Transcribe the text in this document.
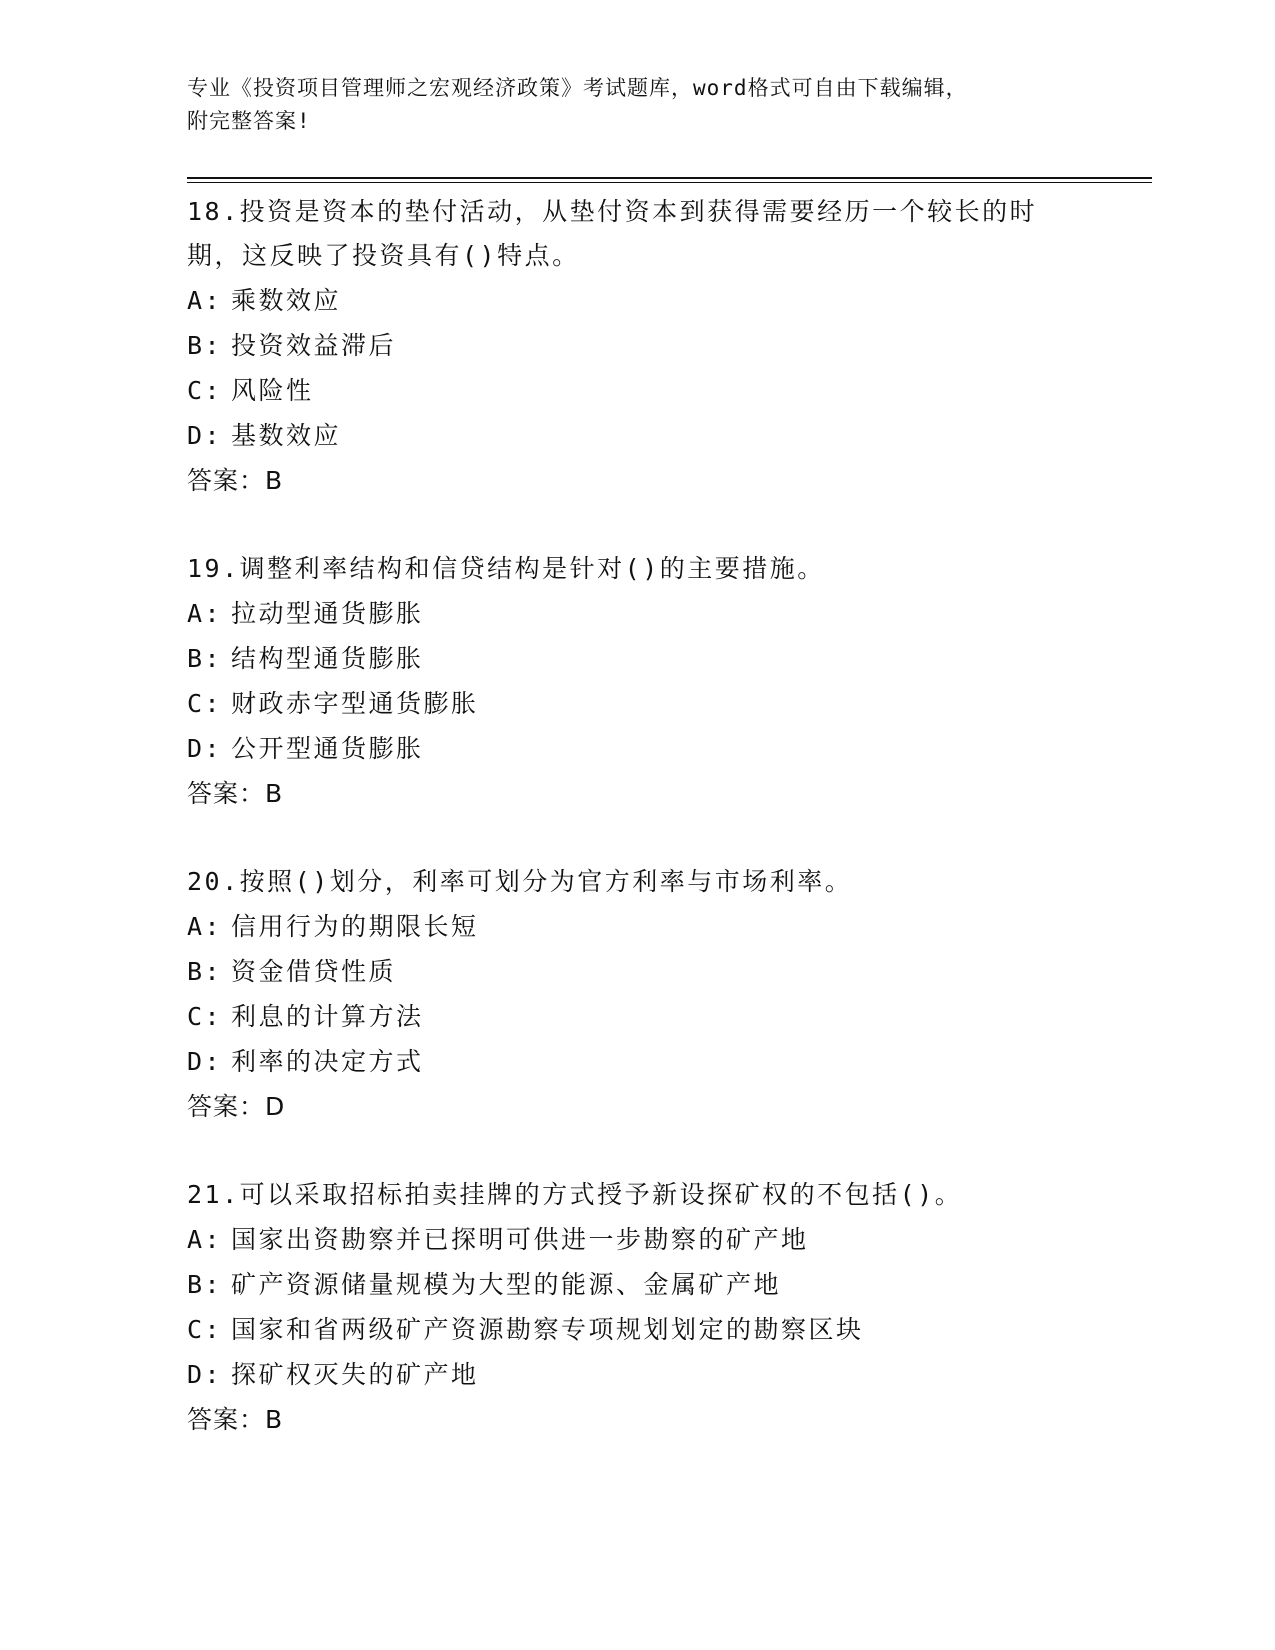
专业《投资项目管理师之宏观经济政策》考试题库，word格式可自由下载编辑，

附完整答案!

18.投资是资本的垫付活动，从垫付资本到获得需要经历一个较长的时期，这反映了投资具有()特点。

A: 乘数效应

B: 投资效益滞后

C: 风险性

D: 基数效应

答案：B

19.调整利率结构和信贷结构是针对()的主要措施。

A: 拉动型通货膨胀

B: 结构型通货膨胀

C: 财政赤字型通货膨胀

D: 公开型通货膨胀

答案：B

20.按照()划分，利率可划分为官方利率与市场利率。

A: 信用行为的期限长短

B: 资金借贷性质

C: 利息的计算方法

D: 利率的决定方式

答案：D

21.可以采取招标拍卖挂牌的方式授予新设探矿权的不包括()。

A: 国家出资勘察并已探明可供进一步勘察的矿产地

B: 矿产资源储量规模为大型的能源、金属矿产地

C: 国家和省两级矿产资源勘察专项规划划定的勘察区块

D: 探矿权灭失的矿产地

答案：B
